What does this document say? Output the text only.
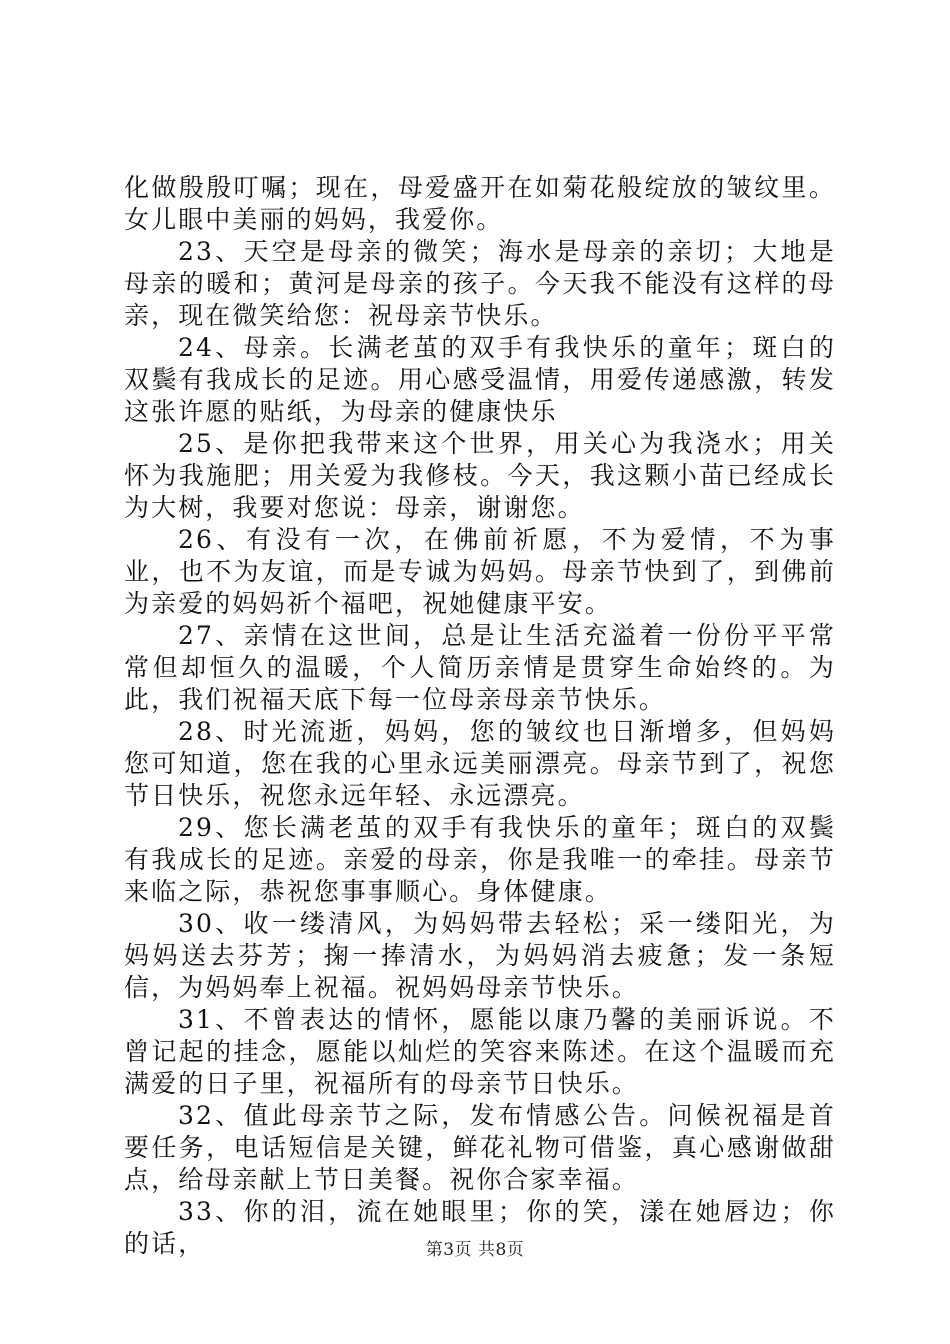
化做殷殷叮嘱；现在，母爱盛开在如菊花般绽放的皱纹里。女儿眼中美丽的妈妈，我爱你。

23、天空是母亲的微笑；海水是母亲的亲切；大地是母亲的暖和；黄河是母亲的孩子。今天我不能没有这样的母亲，现在微笑给您：祝母亲节快乐。

24、母亲。长满老茧的双手有我快乐的童年；斑白的双鬓有我成长的足迹。用心感受温情，用爱传递感激，转发这张许愿的贴纸，为母亲的健康快乐

25、是你把我带来这个世界，用关心为我浇水；用关怀为我施肥；用关爱为我修枝。今天，我这颗小苗已经成长为大树，我要对您说：母亲，谢谢您。

26、有没有一次，在佛前祈愿，不为爱情，不为事业，也不为友谊，而是专诚为妈妈。母亲节快到了，到佛前为亲爱的妈妈祈个福吧，祝她健康平安。

27、亲情在这世间，总是让生活充溢着一份份平平常常但却恒久的温暖，个人简历亲情是贯穿生命始终的。为此，我们祝福天底下每一位母亲母亲节快乐。

28、时光流逝，妈妈，您的皱纹也日渐增多，但妈妈您可知道，您在我的心里永远美丽漂亮。母亲节到了，祝您节日快乐，祝您永远年轻、永远漂亮。

29、您长满老茧的双手有我快乐的童年；斑白的双鬓有我成长的足迹。亲爱的母亲，你是我唯一的牵挂。母亲节来临之际，恭祝您事事顺心。身体健康。

30、收一缕清风，为妈妈带去轻松；采一缕阳光，为妈妈送去芬芳；掬一捧清水，为妈妈消去疲惫；发一条短信，为妈妈奉上祝福。祝妈妈母亲节快乐。

31、不曾表达的情怀，愿能以康乃馨的美丽诉说。不曾记起的挂念，愿能以灿烂的笑容来陈述。在这个温暖而充满爱的日子里，祝福所有的母亲节日快乐。

32、值此母亲节之际，发布情感公告。问候祝福是首要任务，电话短信是关键，鲜花礼物可借鉴，真心感谢做甜点，给母亲献上节日美餐。祝你合家幸福。

33、你的泪，流在她眼里；你的笑，漾在她唇边；你的话，	第3页 共8页
